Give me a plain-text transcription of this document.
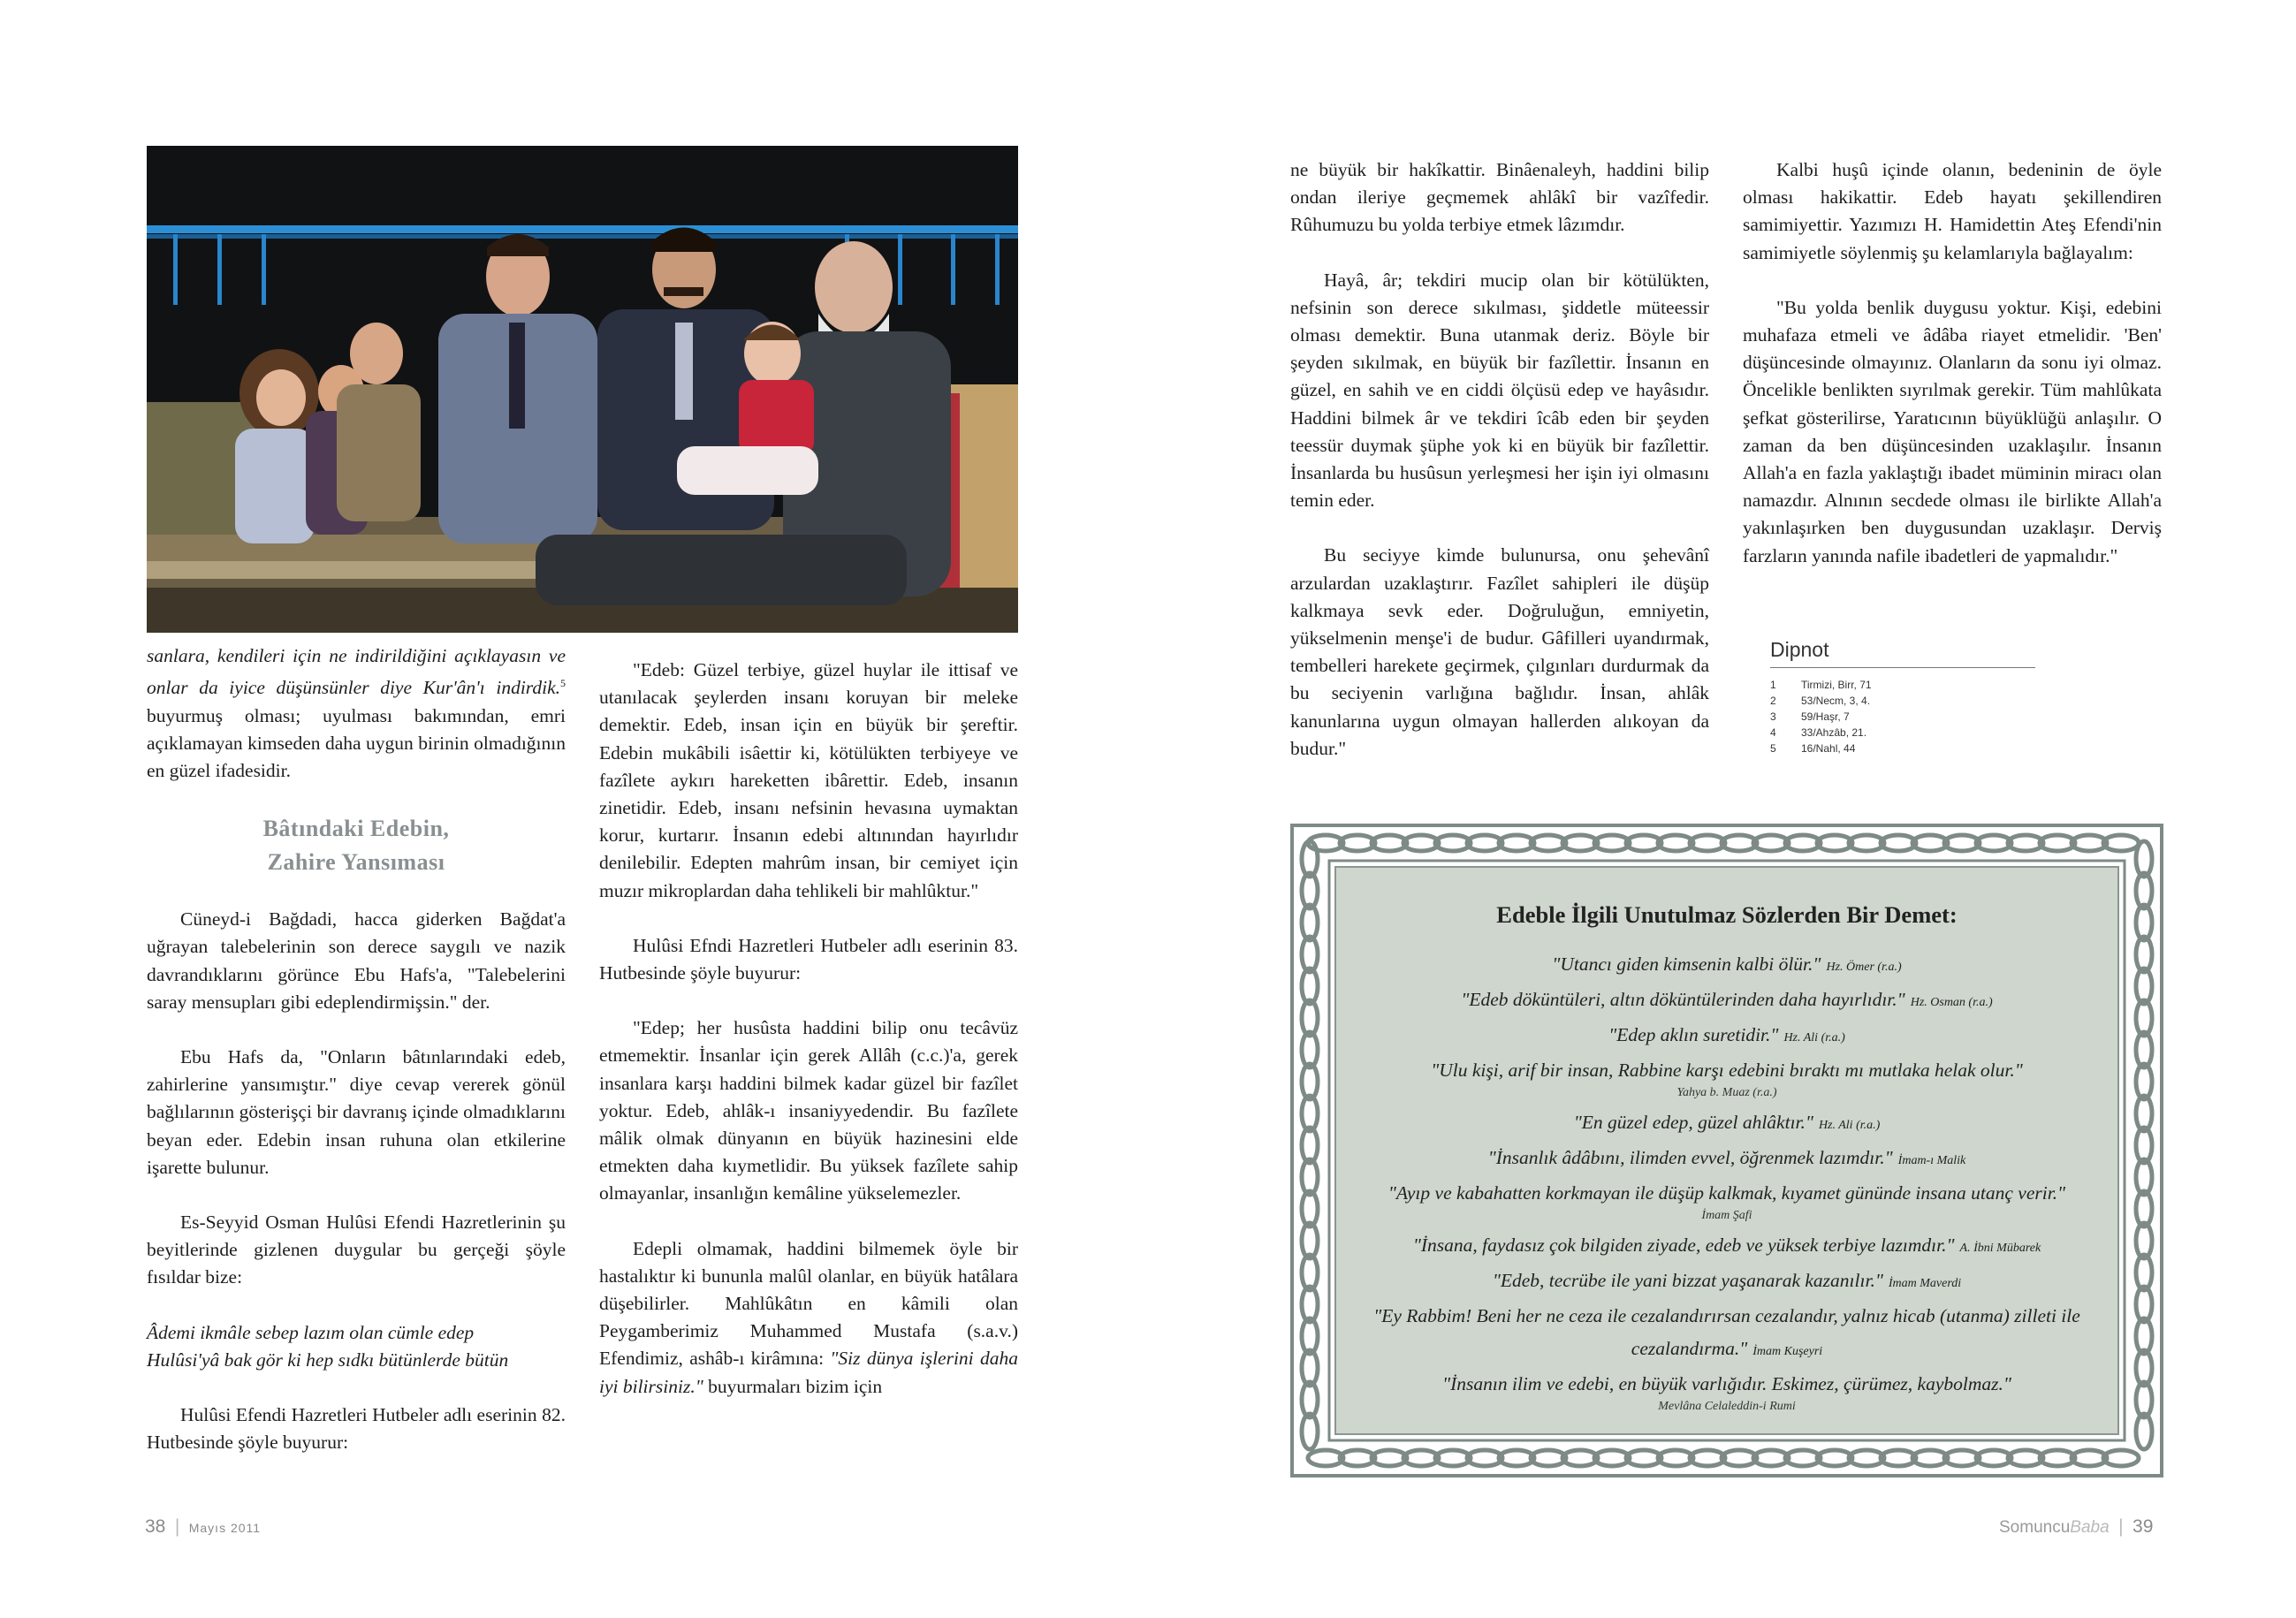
sanlara, kendileri için ne indirildiğini açıklayasın ve onlar da iyice düşünsünler diye Kur'ân'ı indirdik.$^5$ buyurmuş olması; uyulması bakımından, emri açıklamayan kimseden daha uygun birinin olmadığının en güzel ifadesidir.

Bâtındaki Edebin,
Zahire Yansıması

Cüneyd-i Bağdadi, hacca giderken Bağdat'a uğrayan talebelerinin son derece saygılı ve nazik davrandıklarını görünce Ebu Hafs'a, "Talebelerini saray mensupları gibi edeplendirmişsin." der.

Ebu Hafs da, "Onların bâtınlarındaki edeb, zahirlerine yansımıştır." diye cevap vererek gönül bağlılarının gösterişçi bir davranış içinde olmadıklarını beyan eder. Edebin insan ruhuna olan etkilerine işarette bulunur.

Es-Seyyid Osman Hulûsi Efendi Hazretlerinin şu beyitlerinde gizlenen duygular bu gerçeği şöyle fısıldar bize:

Âdemi ikmâle sebep lazım olan cümle edep
Hulûsi'yâ bak gör ki hep sıdkı bütünlerde bütün

Hulûsi Efendi Hazretleri Hutbeler adlı eserinin 82. Hutbesinde şöyle buyurur:

"Edeb: Güzel terbiye, güzel huylar ile ittisaf ve utanılacak şeylerden insanı koruyan bir meleke demektir. Edeb, insan için en büyük bir şereftir. Edebin mukâbili isâettir ki, kötülükten terbiyeye ve fazîlete aykırı hareketten ibârettir. Edeb, insanın zinetidir. Edeb, insanı nefsinin hevasına uymaktan korur, kurtarır. İnsanın edebi altınından hayırlıdır denilebilir. Edepten mahrûm insan, bir cemiyet için muzır mikroplardan daha tehlikeli bir mahlûktur."

Hulûsi Efndi Hazretleri Hutbeler adlı eserinin 83. Hutbesinde şöyle buyurur:

"Edep; her husûsta haddini bilip onu tecâvüz etmemektir. İnsanlar için gerek Allâh (c.c.)'a, gerek insanlara karşı haddini bilmek kadar güzel bir fazîlet yoktur. Edeb, ahlâk-ı insaniyyedendir. Bu fazîlete mâlik olmak dünyanın en büyük hazinesini elde etmekten daha kıymetlidir. Bu yüksek fazîlete sahip olmayanlar, insanlığın kemâline yükselemezler.

Edepli olmamak, haddini bilmemek öyle bir hastalıktır ki bununla malûl olanlar, en büyük hatâlara düşebilirler. Mahlûkâtın en kâmili olan Peygamberimiz Muhammed Mustafa (s.a.v.) Efendimiz, ashâb-ı kirâmına: "Siz dünya işlerini daha iyi bilirsiniz." buyurmaları bizim için

38 | Mayıs 2011

ne büyük bir hakîkattir. Binâenaleyh, haddini bilip ondan ileriye geçmemek ahlâkî bir vazîfedir. Rûhumuzu bu yolda terbiye etmek lâzımdır.

Hayâ, âr; tekdiri mucip olan bir kötülükten, nefsinin son derece sıkılması, şiddetle müteessir olması demektir. Buna utanmak deriz. Böyle bir şeyden sıkılmak, en büyük bir fazîlettir. İnsanın en güzel, en sahih ve en ciddi ölçüsü edep ve hayâsıdır. Haddini bilmek âr ve tekdiri îcâb eden bir şeyden teessür duymak şüphe yok ki en büyük bir fazîlettir. İnsanlarda bu husûsun yerleşmesi her işin iyi olmasını temin eder.

Bu seciyye kimde bulunursa, onu şehevânî arzulardan uzaklaştırır. Fazîlet sahipleri ile düşüp kalkmaya sevk eder. Doğruluğun, emniyetin, yükselmenin menşe'i de budur. Gâfilleri uyandırmak, tembelleri harekete geçirmek, çılgınları durdurmak da bu seciyenin varlığına bağlıdır. İnsan, ahlâk kanunlarına uygun olmayan hallerden alıkoyan da budur."

Kalbi huşû içinde olanın, bedeninin de öyle olması hakikattir. Edeb hayatı şekillendiren samimiyettir. Yazımızı H. Hamidettin Ateş Efendi'nin samimiyetle söylenmiş şu kelamlarıyla bağlayalım:

"Bu yolda benlik duygusu yoktur. Kişi, edebini muhafaza etmeli ve âdâba riayet etmelidir. 'Ben' düşüncesinde olmayınız. Olanların da sonu iyi olmaz. Öncelikle benlikten sıyrılmak gerekir. Tüm mahlûkata şefkat gösterilirse, Yaratıcının büyüklüğü anlaşılır. O zaman da ben düşüncesinden uzaklaşılır. İnsanın Allah'a en fazla yaklaştığı ibadet müminin miracı olan namazdır. Alnının secdede olması ile birlikte Allah'a yakınlaşırken ben duygusundan uzaklaşır. Derviş farzların yanında nafile ibadetleri de yapmalıdır."

Dipnot
1	Tirmizi, Birr, 71
2	53/Necm, 3, 4.
3	59/Haşr, 7
4	33/Ahzâb, 21.
5	16/Nahl, 44
Edeble İlgili Unutulmaz Sözlerden Bir Demet:
"Utancı giden kimsenin kalbi ölür." Hz. Ömer (r.a.)
"Edeb döküntüleri, altın döküntülerinden daha hayırlıdır." Hz. Osman (r.a.)
"Edep aklın suretidir." Hz. Ali (r.a.)
"Ulu kişi, arif bir insan, Rabbine karşı edebini bıraktı mı mutlaka helak olur."
Yahya b. Muaz (r.a.)
"En güzel edep, güzel ahlâktır." Hz. Ali (r.a.)
"İnsanlık âdâbını, ilimden evvel, öğrenmek lazımdır." İmam-ı Malik
"Ayıp ve kabahatten korkmayan ile düşüp kalkmak, kıyamet gününde insana utanç verir."
İmam Şafi
"İnsana, faydasız çok bilgiden ziyade, edeb ve yüksek terbiye lazımdır." A. İbni Mübarek
"Edeb, tecrübe ile yani bizzat yaşanarak kazanılır." İmam Maverdi
"Ey Rabbim! Beni her ne ceza ile cezalandırırsan cezalandır, yalnız hicab (utanma) zilleti ile cezalandırma." İmam Kuşeyri
"İnsanın ilim ve edebi, en büyük varlığıdır. Eskimez, çürümez, kaybolmaz."
Mevlâna Celaleddin-i Rumi
SomuncuBaba | 39
